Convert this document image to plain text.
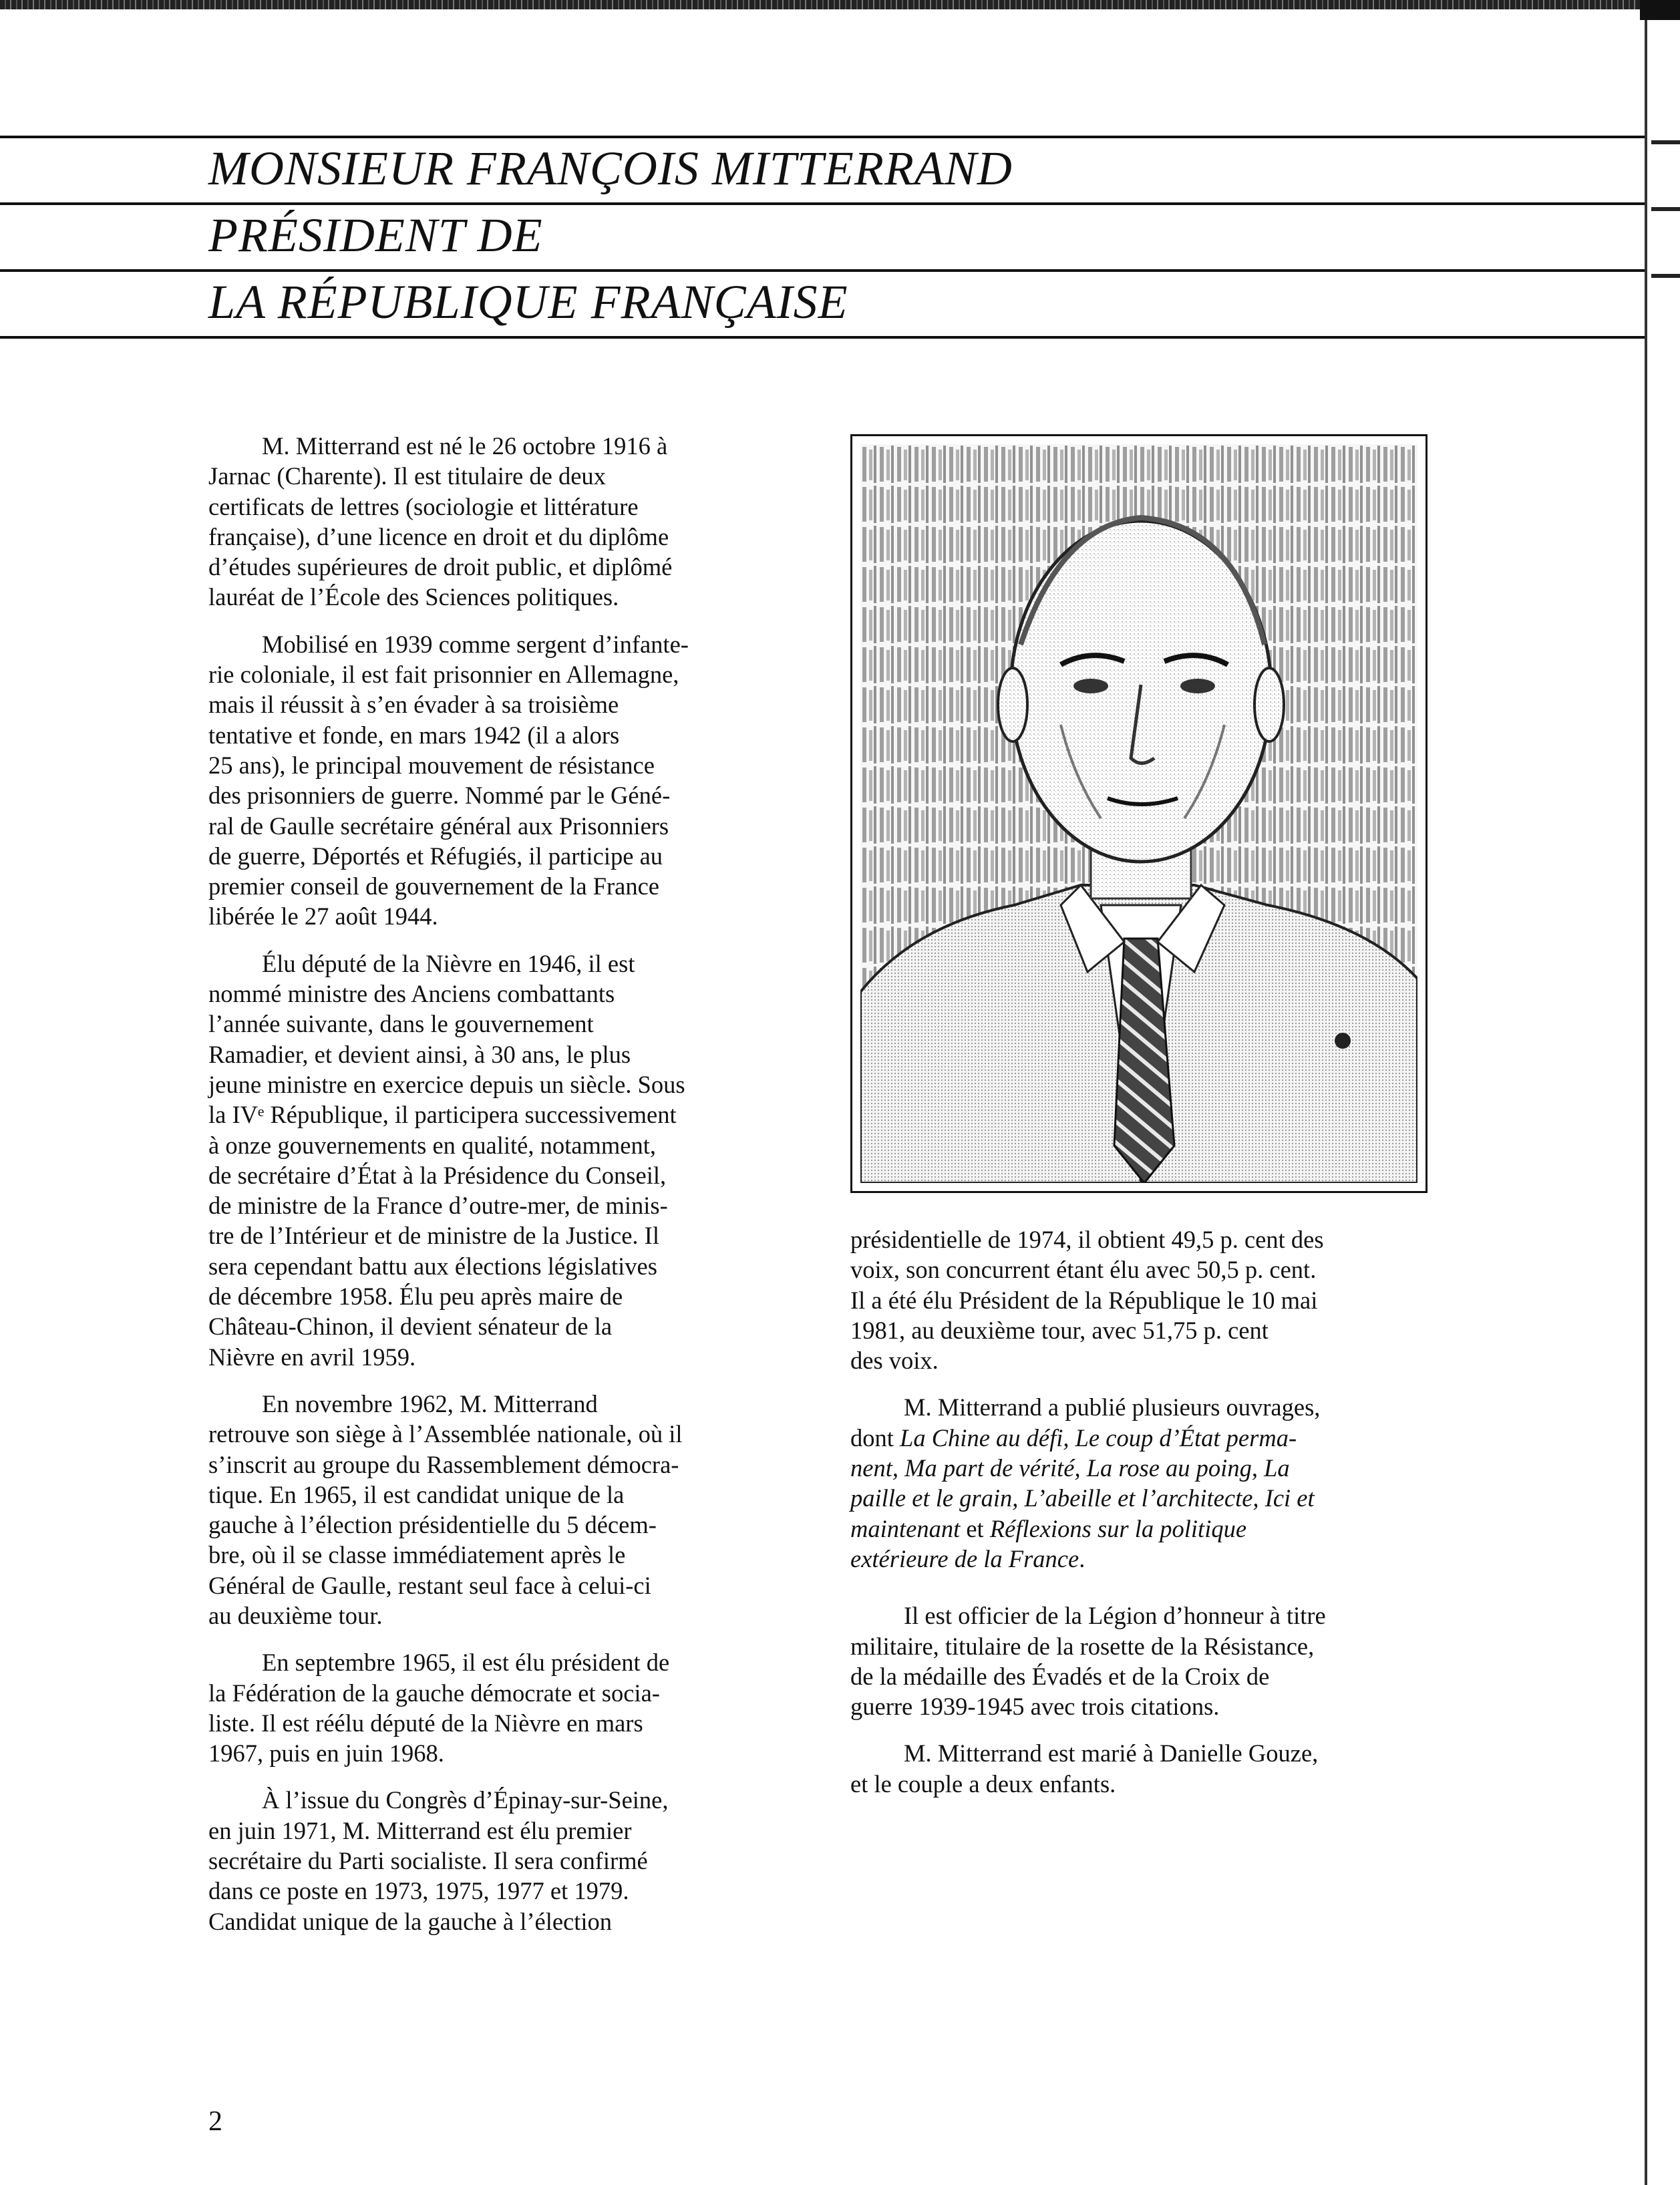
MONSIEUR FRANÇOIS MITTERRAND
PRÉSIDENT DE
LA RÉPUBLIQUE FRANÇAISE

M. Mitterrand est né le 26 octobre 1916 à
Jarnac (Charente). Il est titulaire de deux
certificats de lettres (sociologie et littérature
française), d’une licence en droit et du diplôme
d’études supérieures de droit public, et diplômé
lauréat de l’École des Sciences politiques.

Mobilisé en 1939 comme sergent d’infante-
rie coloniale, il est fait prisonnier en Allemagne,
mais il réussit à s’en évader à sa troisième
tentative et fonde, en mars 1942 (il a alors
25 ans), le principal mouvement de résistance
des prisonniers de guerre. Nommé par le Géné-
ral de Gaulle secrétaire général aux Prisonniers
de guerre, Déportés et Réfugiés, il participe au
premier conseil de gouvernement de la France
libérée le 27 août 1944.

Élu député de la Nièvre en 1946, il est
nommé ministre des Anciens combattants
l’année suivante, dans le gouvernement
Ramadier, et devient ainsi, à 30 ans, le plus
jeune ministre en exercice depuis un siècle. Sous
la IVᵉ République, il participera successivement
à onze gouvernements en qualité, notamment,
de secrétaire d’État à la Présidence du Conseil,
de ministre de la France d’outre-mer, de minis-
tre de l’Intérieur et de ministre de la Justice. Il
sera cependant battu aux élections législatives
de décembre 1958. Élu peu après maire de
Château-Chinon, il devient sénateur de la
Nièvre en avril 1959.

En novembre 1962, M. Mitterrand
retrouve son siège à l’Assemblée nationale, où il
s’inscrit au groupe du Rassemblement démocra-
tique. En 1965, il est candidat unique de la
gauche à l’élection présidentielle du 5 décem-
bre, où il se classe immédiatement après le
Général de Gaulle, restant seul face à celui-ci
au deuxième tour.

En septembre 1965, il est élu président de
la Fédération de la gauche démocrate et socia-
liste. Il est réélu député de la Nièvre en mars
1967, puis en juin 1968.

À l’issue du Congrès d’Épinay-sur-Seine,
en juin 1971, M. Mitterrand est élu premier
secrétaire du Parti socialiste. Il sera confirmé
dans ce poste en 1973, 1975, 1977 et 1979.
Candidat unique de la gauche à l’élection

présidentielle de 1974, il obtient 49,5 p. cent des
voix, son concurrent étant élu avec 50,5 p. cent.
Il a été élu Président de la République le 10 mai
1981, au deuxième tour, avec 51,75 p. cent
des voix.

M. Mitterrand a publié plusieurs ouvrages,
dont La Chine au défi, Le coup d’État perma-
nent, Ma part de vérité, La rose au poing, La
paille et le grain, L’abeille et l’architecte, Ici et
maintenant et Réflexions sur la politique
extérieure de la France.

Il est officier de la Légion d’honneur à titre
militaire, titulaire de la rosette de la Résistance,
de la médaille des Évadés et de la Croix de
guerre 1939-1945 avec trois citations.

M. Mitterrand est marié à Danielle Gouze,
et le couple a deux enfants.

2
